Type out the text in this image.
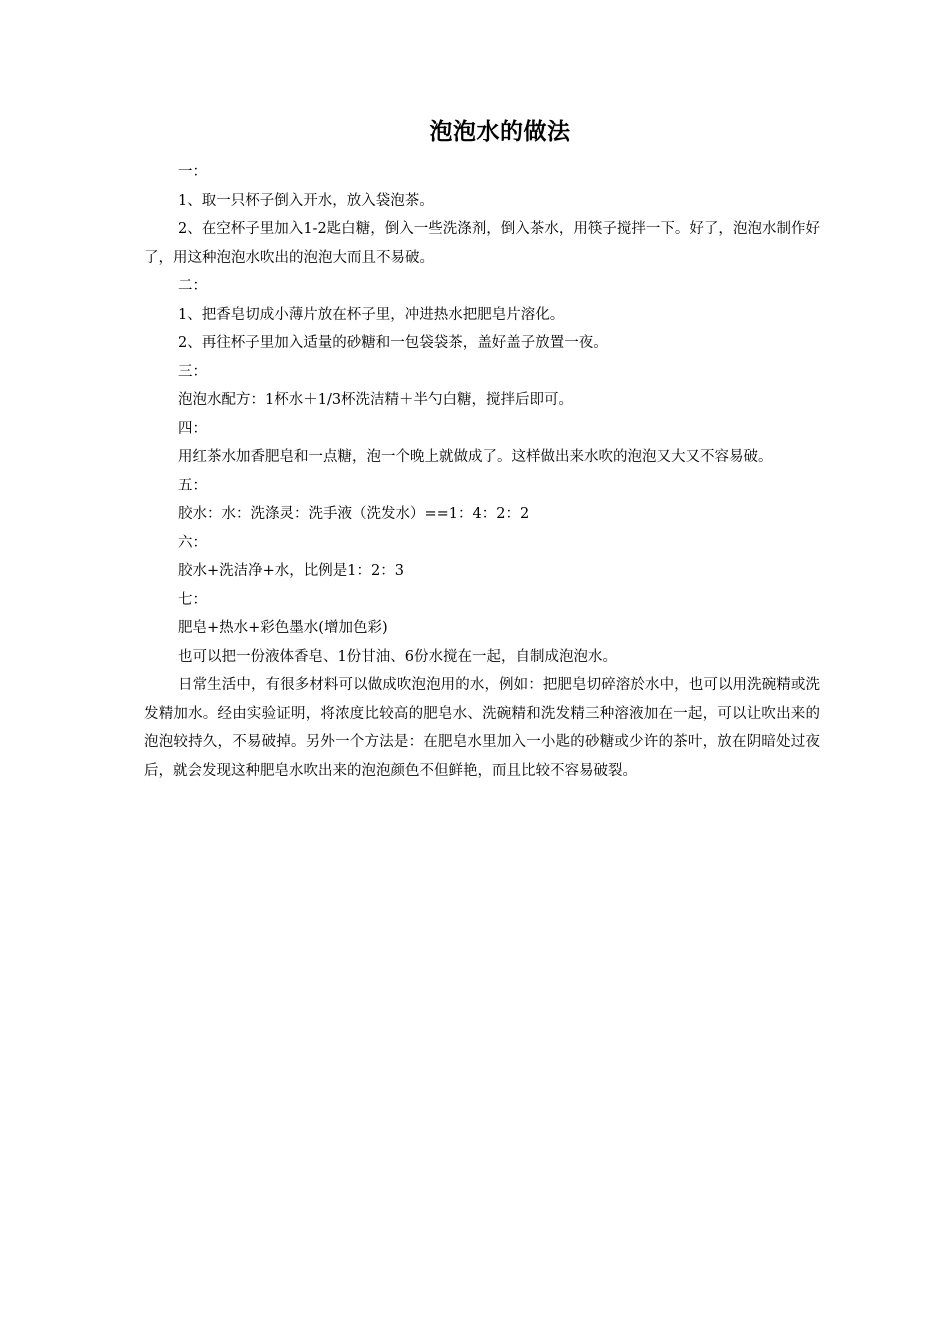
泡泡水的做法

一：

1、取一只杯子倒入开水，放入袋泡茶。

2、在空杯子里加入1-2匙白糖，倒入一些洗涤剂，倒入茶水，用筷子搅拌一下。好了，泡泡水制作好了，用这种泡泡水吹出的泡泡大而且不易破。

二：

1、把香皂切成小薄片放在杯子里，冲进热水把肥皂片溶化。

2、再往杯子里加入适量的砂糖和一包袋袋茶，盖好盖子放置一夜。

三：

泡泡水配方：1杯水＋1/3杯洗洁精＋半勺白糖，搅拌后即可。

四：

用红茶水加香肥皂和一点糖，泡一个晚上就做成了。这样做出来水吹的泡泡又大又不容易破。

五：

胶水：水：洗涤灵：洗手液（洗发水）==1：4：2：2

六：

胶水+洗洁净+水，比例是1：2：3

七：

肥皂+热水+彩色墨水(增加色彩)

也可以把一份液体香皂、1份甘油、6份水搅在一起，自制成泡泡水。

日常生活中，有很多材料可以做成吹泡泡用的水，例如：把肥皂切碎溶於水中，也可以用洗碗精或洗发精加水。经由实验证明，将浓度比较高的肥皂水、洗碗精和洗发精三种溶液加在一起，可以让吹出来的泡泡较持久，不易破掉。另外一个方法是：在肥皂水里加入一小匙的砂糖或少许的茶叶，放在阴暗处过夜后，就会发现这种肥皂水吹出来的泡泡颜色不但鲜艳，而且比较不容易破裂。
